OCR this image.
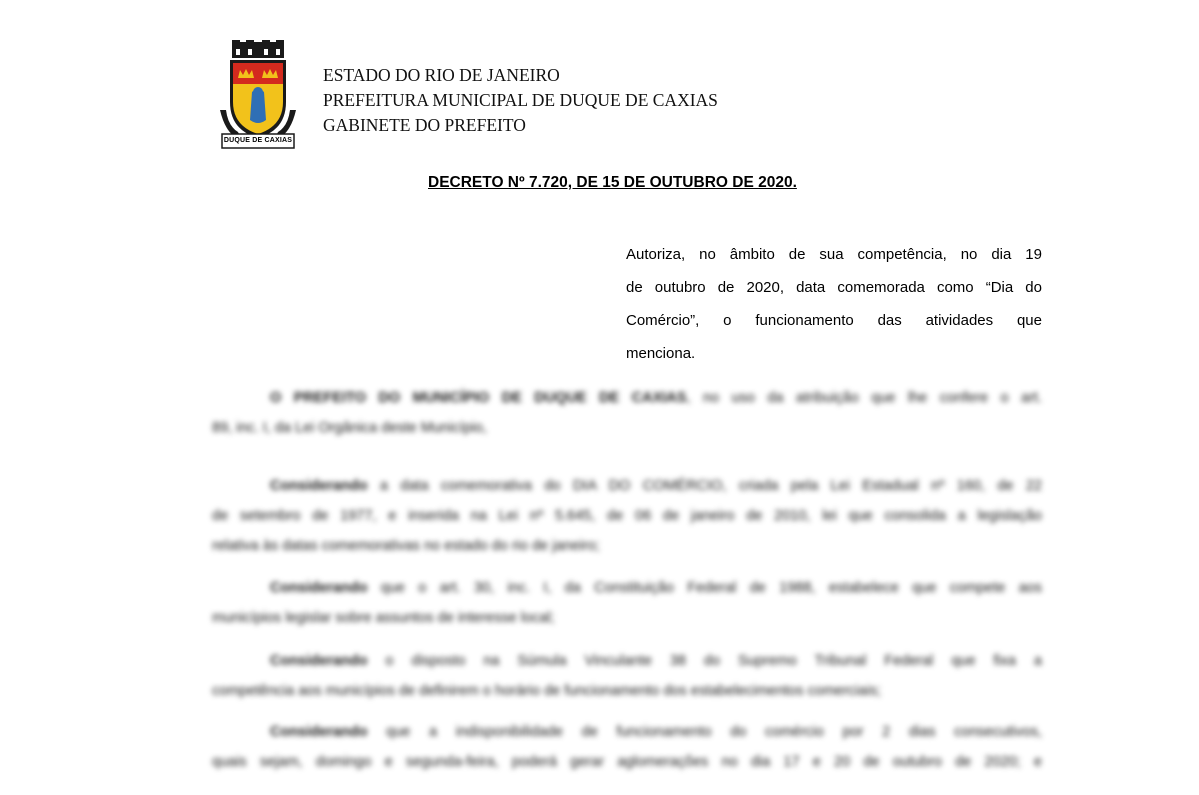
DUQUE DE CAXIAS
ESTADO DO RIO DE JANEIRO
PREFEITURA MUNICIPAL DE DUQUE DE CAXIAS
GABINETE DO PREFEITO
DECRETO Nº 7.720, DE 15 DE OUTUBRO DE 2020.
Autoriza, no âmbito de sua competência, no dia 19
de outubro de 2020, data comemorada como “Dia do
Comércio”, o funcionamento das atividades que
menciona.
O PREFEITO DO MUNICÍPIO DE DUQUE DE CAXIAS, no uso da atribuição que lhe confere o art.
89, inc. I, da Lei Orgânica deste Município,
Considerando a data comemorativa do DIA DO COMÉRCIO, criada pela Lei Estadual nº 160, de 22
de setembro de 1977, e inserida na Lei nº 5.645, de 06 de janeiro de 2010, lei que consolida a legislação
relativa às datas comemorativas no estado do rio de janeiro;
Considerando que o art. 30, inc. I, da Constituição Federal de 1988, estabelece que compete aos
municípios legislar sobre assuntos de interesse local;
Considerando o disposto na Súmula Vinculante 38 do Supremo Tribunal Federal que fixa a
competência aos municípios de definirem o horário de funcionamento dos estabelecimentos comerciais;
Considerando que a indisponibilidade de funcionamento do comércio por 2 dias consecutivos,
quais sejam, domingo e segunda-feira, poderá gerar aglomerações no dia 17 e 20 de outubro de 2020; e
